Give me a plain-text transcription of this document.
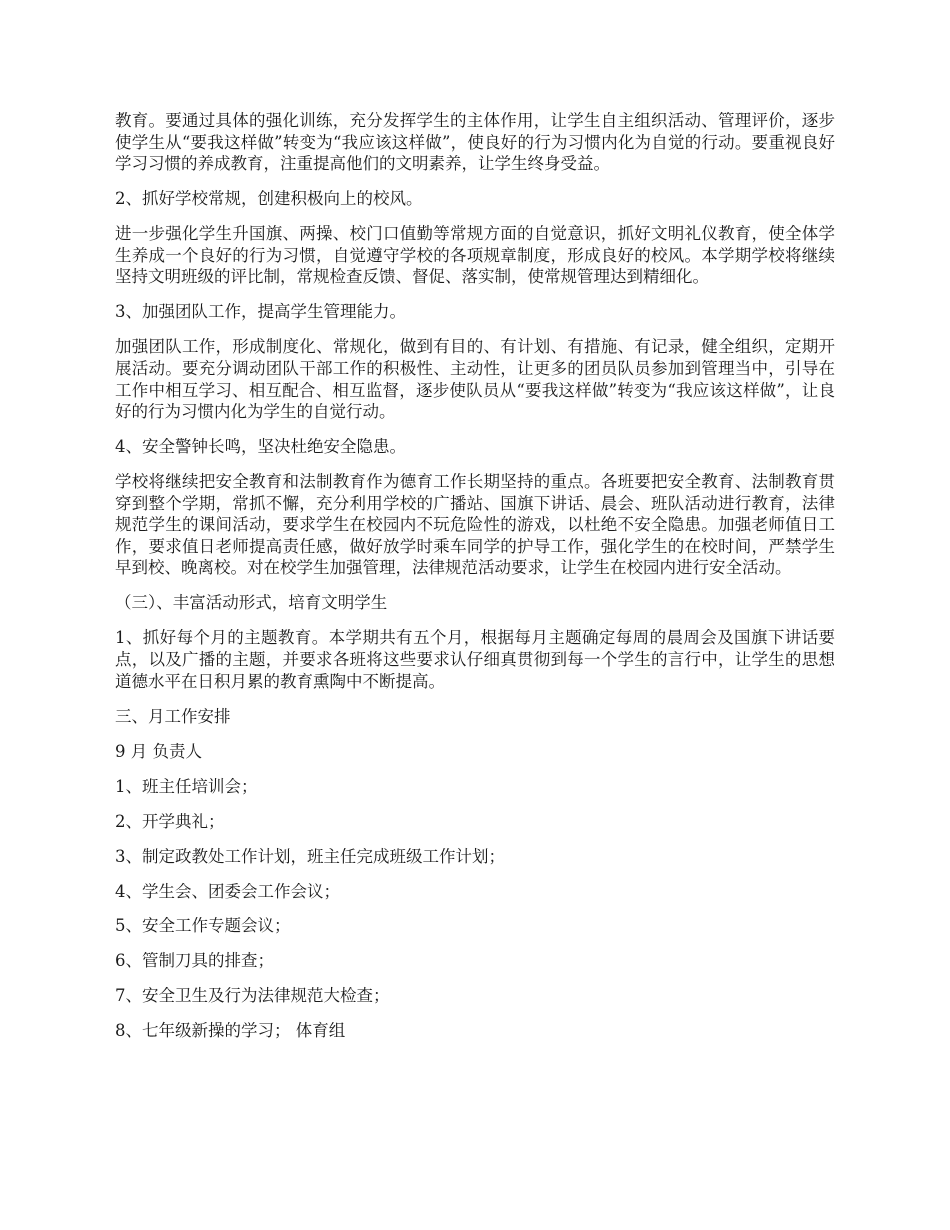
教育。要通过具体的强化训练，充分发挥学生的主体作用，让学生自主组织活动、管理评价，逐步使学生从“要我这样做”转变为“我应该这样做”，使良好的行为习惯内化为自觉的行动。要重视良好学习习惯的养成教育，注重提高他们的文明素养，让学生终身受益。

2、抓好学校常规，创建积极向上的校风。

进一步强化学生升国旗、两操、校门口值勤等常规方面的自觉意识，抓好文明礼仪教育，使全体学生养成一个良好的行为习惯，自觉遵守学校的各项规章制度，形成良好的校风。本学期学校将继续坚持文明班级的评比制，常规检查反馈、督促、落实制，使常规管理达到精细化。

3、加强团队工作，提高学生管理能力。

加强团队工作，形成制度化、常规化，做到有目的、有计划、有措施、有记录，健全组织，定期开展活动。要充分调动团队干部工作的积极性、主动性，让更多的团员队员参加到管理当中，引导在工作中相互学习、相互配合、相互监督，逐步使队员从“要我这样做”转变为“我应该这样做”，让良好的行为习惯内化为学生的自觉行动。

4、安全警钟长鸣，坚决杜绝安全隐患。

学校将继续把安全教育和法制教育作为德育工作长期坚持的重点。各班要把安全教育、法制教育贯穿到整个学期，常抓不懈，充分利用学校的广播站、国旗下讲话、晨会、班队活动进行教育，法律规范学生的课间活动，要求学生在校园内不玩危险性的游戏，以杜绝不安全隐患。加强老师值日工作，要求值日老师提高责任感，做好放学时乘车同学的护导工作，强化学生的在校时间，严禁学生早到校、晚离校。对在校学生加强管理，法律规范活动要求，让学生在校园内进行安全活动。

（三）、丰富活动形式，培育文明学生

1、抓好每个月的主题教育。本学期共有五个月，根据每月主题确定每周的晨周会及国旗下讲话要点，以及广播的主题，并要求各班将这些要求认仔细真贯彻到每一个学生的言行中，让学生的思想道德水平在日积月累的教育熏陶中不断提高。

三、月工作安排

9 月 负责人

1、班主任培训会；

2、开学典礼；

3、制定政教处工作计划，班主任完成班级工作计划；

4、学生会、团委会工作会议；

5、安全工作专题会议；

6、管制刀具的排查；

7、安全卫生及行为法律规范大检查；

8、七年级新操的学习； 体育组
